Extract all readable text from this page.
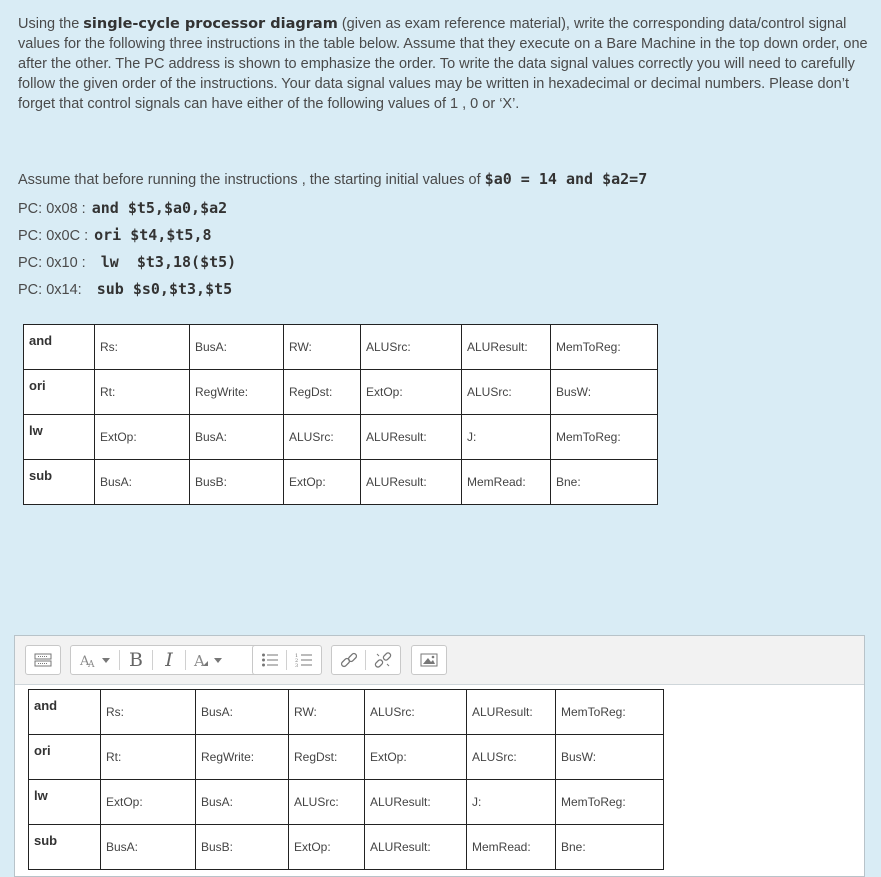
Using the single-cycle processor diagram (given as exam reference material), write the corresponding data/control signal values for the following three instructions in the table below. Assume that they execute on a Bare Machine in the top down order, one after the other. The PC address is shown to emphasize the order. To write the data signal values correctly you will need to carefully follow the given order of the instructions. Your data signal values may be written in hexadecimal or decimal numbers. Please don’t forget that control signals can have either of the following values of 1 , 0 or ‘X’.
Assume that before running the instructions , the starting initial values of $a0 = 14 and $a2=7
PC: 0x08 : and $t5,$a0,$a2
PC: 0x0C : ori $t4,$t5,8
PC: 0x10 : lw  $t3,18($t5)
PC: 0x14: sub $s0,$t3,$t5
and	Rs:	BusA:	RW:	ALUSrc:	ALUResult:	MemToReg:
ori	Rt:	RegWrite:	RegDst:	ExtOp:	ALUSrc:	BusW:
lw	ExtOp:	BusA:	ALUSrc:	ALUResult:	J:	MemToReg:
sub	BusA:	BusB:	ExtOp:	ALUResult:	MemRead:	Bne:
A
A B I A	1
2
3
and	Rs:	BusA:	RW:	ALUSrc:	ALUResult:	MemToReg:
ori	Rt:	RegWrite:	RegDst:	ExtOp:	ALUSrc:	BusW:
lw	ExtOp:	BusA:	ALUSrc:	ALUResult:	J:	MemToReg:
sub	BusA:	BusB:	ExtOp:	ALUResult:	MemRead:	Bne:
